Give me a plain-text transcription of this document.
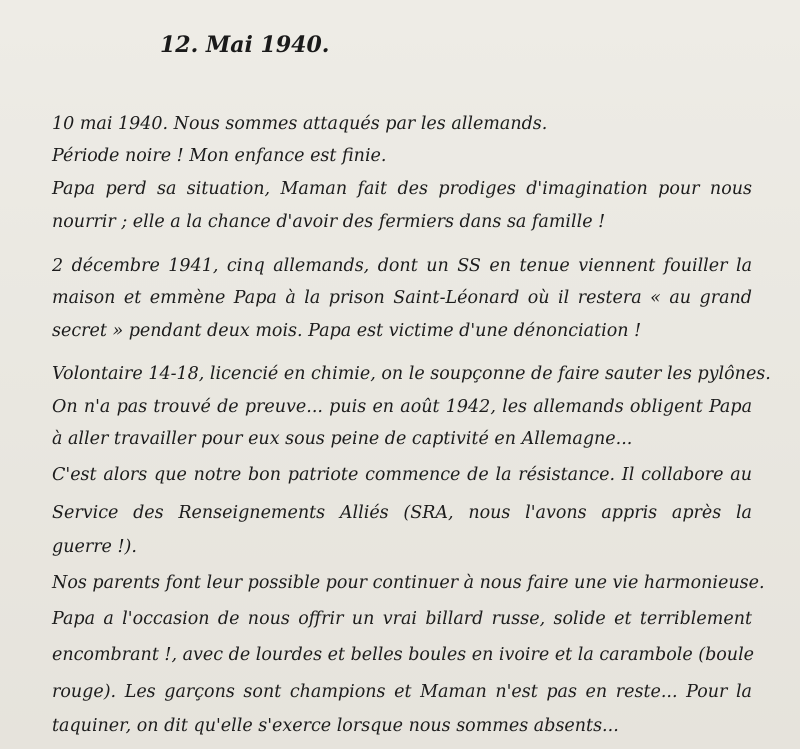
12. Mai 1940.

10 mai 1940. Nous sommes attaqués par les allemands.

Période noire ! Mon enfance est finie.

Papa perd sa situation, Maman fait des prodiges d'imagination pour nous

nourrir ; elle a la chance d'avoir des fermiers dans sa famille !

2 décembre 1941, cinq allemands, dont un SS en tenue viennent fouiller la

maison et emmène Papa à la prison Saint-Léonard où il restera « au grand

secret » pendant deux mois. Papa est victime d'une dénonciation !

Volontaire 14-18, licencié en chimie, on le soupçonne de faire sauter les pylônes.

On n'a pas trouvé de preuve... puis en août 1942, les allemands obligent Papa

à aller travailler pour eux sous peine de captivité en Allemagne...

C'est alors que notre bon patriote commence de la résistance. Il collabore au

Service des Renseignements Alliés (SRA, nous l'avons appris après la

guerre !).

Nos parents font leur possible pour continuer à nous faire une vie harmonieuse.

Papa a l'occasion de nous offrir un vrai billard russe, solide et terriblement

encombrant !, avec de lourdes et belles boules en ivoire et la carambole (boule

rouge). Les garçons sont champions et Maman n'est pas en reste... Pour la

taquiner, on dit qu'elle s'exerce lorsque nous sommes absents...
